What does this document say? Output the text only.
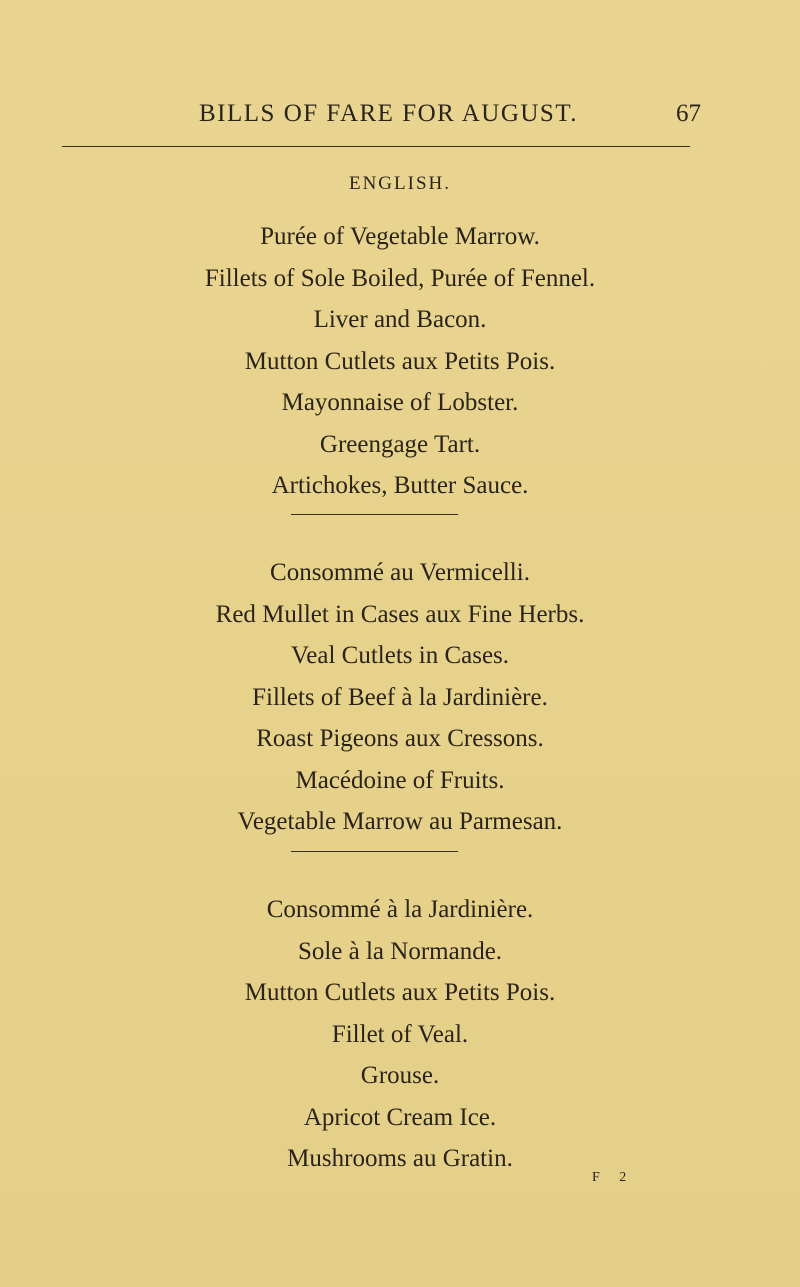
BILLS OF FARE FOR AUGUST.	67
ENGLISH.
Purée of Vegetable Marrow.
Fillets of Sole Boiled, Purée of Fennel.
Liver and Bacon.
Mutton Cutlets aux Petits Pois.
Mayonnaise of Lobster.
Greengage Tart.
Artichokes, Butter Sauce.
Consommé au Vermicelli.
Red Mullet in Cases aux Fine Herbs.
Veal Cutlets in Cases.
Fillets of Beef à la Jardinière.
Roast Pigeons aux Cressons.
Macédoine of Fruits.
Vegetable Marrow au Parmesan.
Consommé à la Jardinière.
Sole à la Normande.
Mutton Cutlets aux Petits Pois.
Fillet of Veal.
Grouse.
Apricot Cream Ice.
Mushrooms au Gratin.
F 2
